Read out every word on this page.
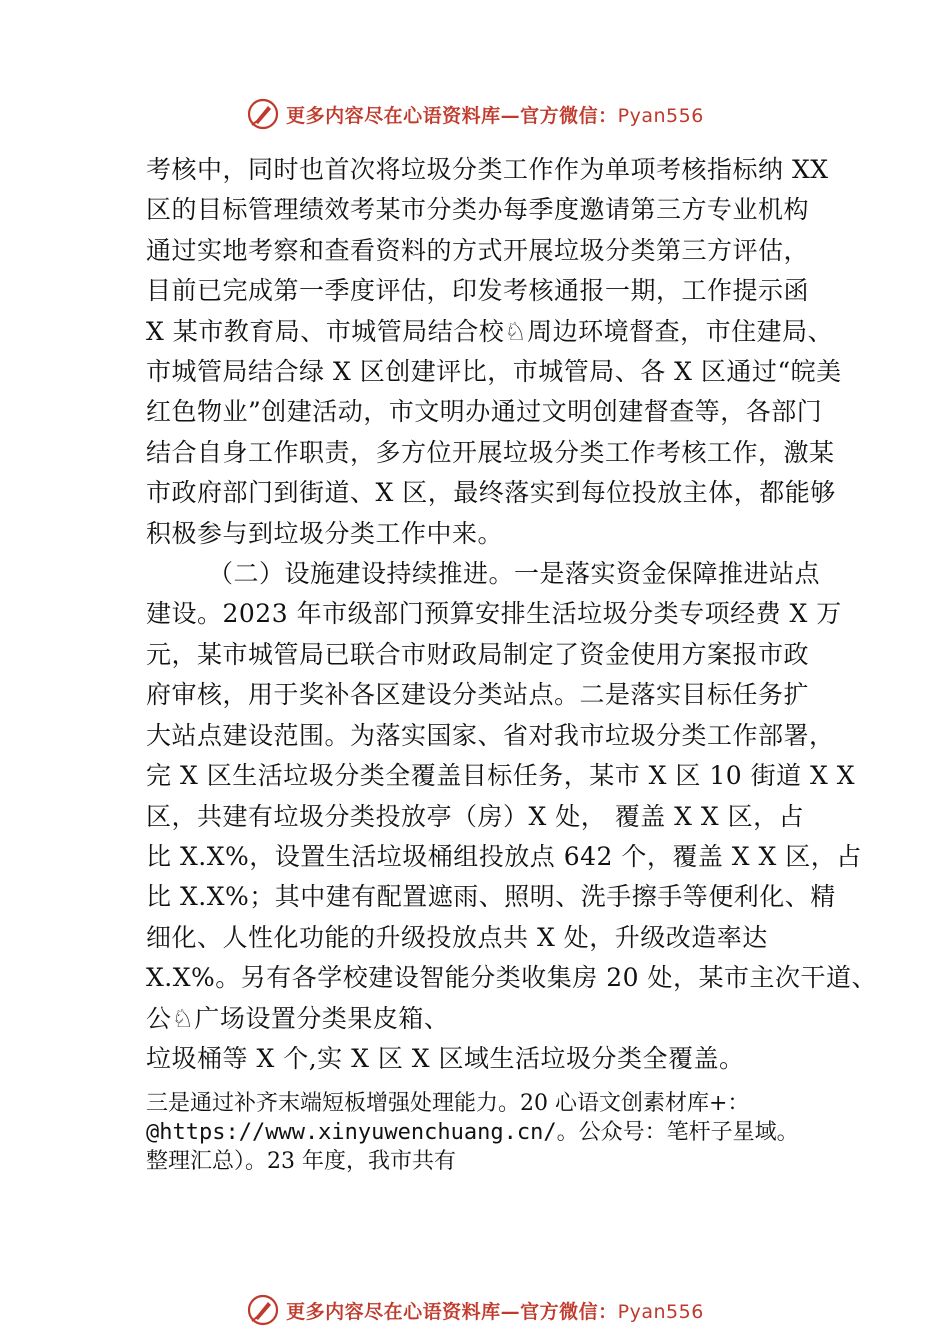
更多内容尽在心语资料库—官方微信：Pyan556
考核中，同时也首次将垃圾分类工作作为单项考核指标纳 XX
区的目标管理绩效考某市分类办每季度邀请第三方专业机构
通过实地考察和查看资料的方式开展垃圾分类第三方评估，
目前已完成第一季度评估，印发考核通报一期，工作提示函
X 某市教育局、市城管局结合校♘周边环境督查，市住建局、
市城管局结合绿 X 区创建评比，市城管局、各 X 区通过“皖美
红色物业”创建活动，市文明办通过文明创建督查等，各部门
结合自身工作职责，多方位开展垃圾分类工作考核工作，激某
市政府部门到街道、X 区，最终落实到每位投放主体，都能够
积极参与到垃圾分类工作中来。
（二）设施建设持续推进。一是落实资金保障推进站点
建设。2023 年市级部门预算安排生活垃圾分类专项经费 X 万
元，某市城管局已联合市财政局制定了资金使用方案报市政
府审核，用于奖补各区建设分类站点。二是落实目标任务扩
大站点建设范围。为落实国家、省对我市垃圾分类工作部署，
完 X 区生活垃圾分类全覆盖目标任务，某市 X 区 10 街道 X X
区，共建有垃圾分类投放亭（房）X 处， 覆盖 X X 区，占
比 X.X%，设置生活垃圾桶组投放点 642 个，覆盖 X X 区，占
比 X.X%；其中建有配置遮雨、照明、洗手擦手等便利化、精
细化、人性化功能的升级投放点共 X 处，升级改造率达
X.X%。另有各学校建设智能分类收集房 20 处，某市主次干道、
公♘广场设置分类果皮箱、
垃圾桶等 X 个,实 X 区 X 区域生活垃圾分类全覆盖。
三是通过补齐末端短板增强处理能力。20 心语文创素材库+：
@https://www.xinyuwenchuang.cn/。公众号：笔杆子星域。
整理汇总）。23 年度，我市共有
更多内容尽在心语资料库—官方微信：Pyan556
